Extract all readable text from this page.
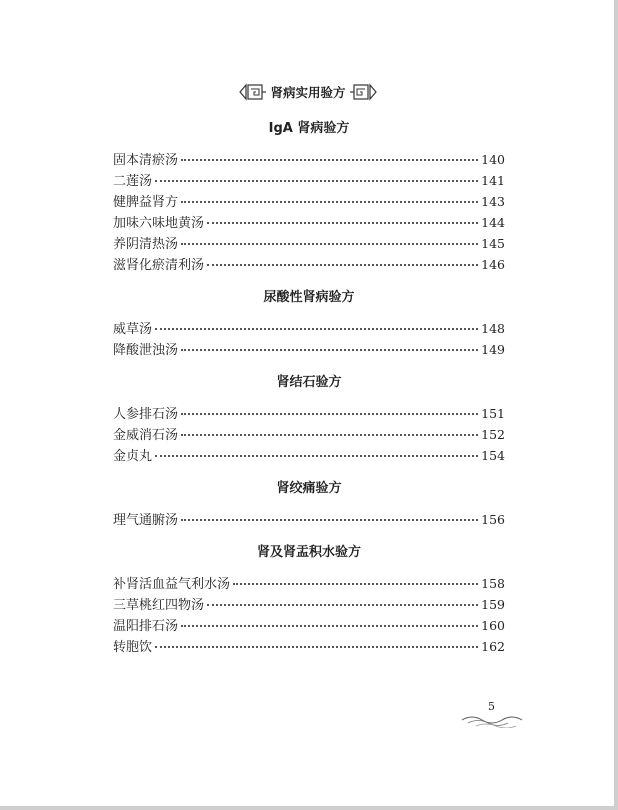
肾病实用验方
IgA 肾病验方
固本清瘀汤	140
二莲汤	141
健脾益肾方	143
加味六味地黄汤	144
养阴清热汤	145
滋肾化瘀清利汤	146
尿酸性肾病验方
威草汤	148
降酸泄浊汤	149
肾结石验方
人参排石汤	151
金威消石汤	152
金贞丸	154
肾绞痛验方
理气通腑汤	156
肾及肾盂积水验方
补肾活血益气利水汤	158
三草桃红四物汤	159
温阳排石汤	160
转胞饮	162
5
